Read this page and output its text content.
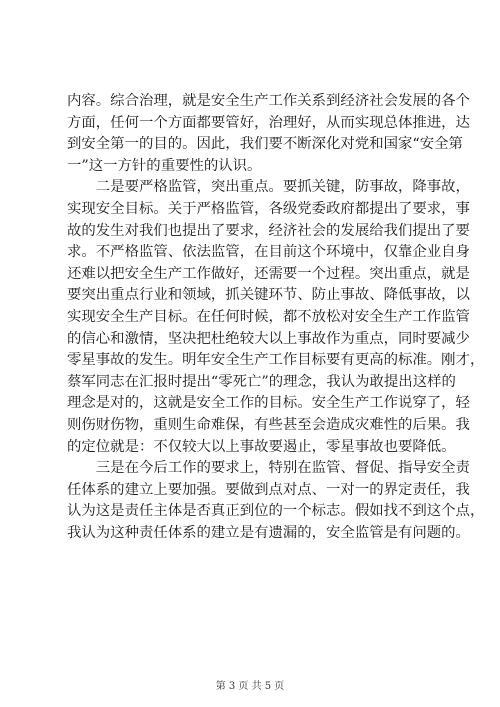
内容。综合治理，就是安全生产工作关系到经济社会发展的各个
方面，任何一个方面都要管好，治理好，从而实现总体推进，达
到安全第一的目的。因此，我们要不断深化对党和国家“安全第
一”这一方针的重要性的认识。
　　二是要严格监管，突出重点。要抓关键，防事故，降事故，
实现安全目标。关于严格监管，各级党委政府都提出了要求，事
故的发生对我们也提出了要求，经济社会的发展给我们提出了要
求。不严格监管、依法监管，在目前这个环境中，仅靠企业自身
还难以把安全生产工作做好，还需要一个过程。突出重点，就是
要突出重点行业和领域，抓关键环节、防止事故、降低事故，以
实现安全生产目标。在任何时候，都不放松对安全生产工作监管
的信心和激情，坚决把杜绝较大以上事故作为重点，同时要减少
零星事故的发生。明年安全生产工作目标要有更高的标准。刚才，
蔡军同志在汇报时提出“零死亡”的理念，我认为敢提出这样的
理念是对的，这就是安全工作的目标。安全生产工作说穿了，轻
则伤财伤物，重则生命难保，有些甚至会造成灾难性的后果。我
的定位就是：不仅较大以上事故要遏止，零星事故也要降低。
　　三是在今后工作的要求上，特别在监管、督促、指导安全责
任体系的建立上要加强。要做到点对点、一对一的界定责任，我
认为这是责任主体是否真正到位的一个标志。假如找不到这个点，
我认为这种责任体系的建立是有遗漏的，安全监管是有问题的。
第 3 页 共 5 页
